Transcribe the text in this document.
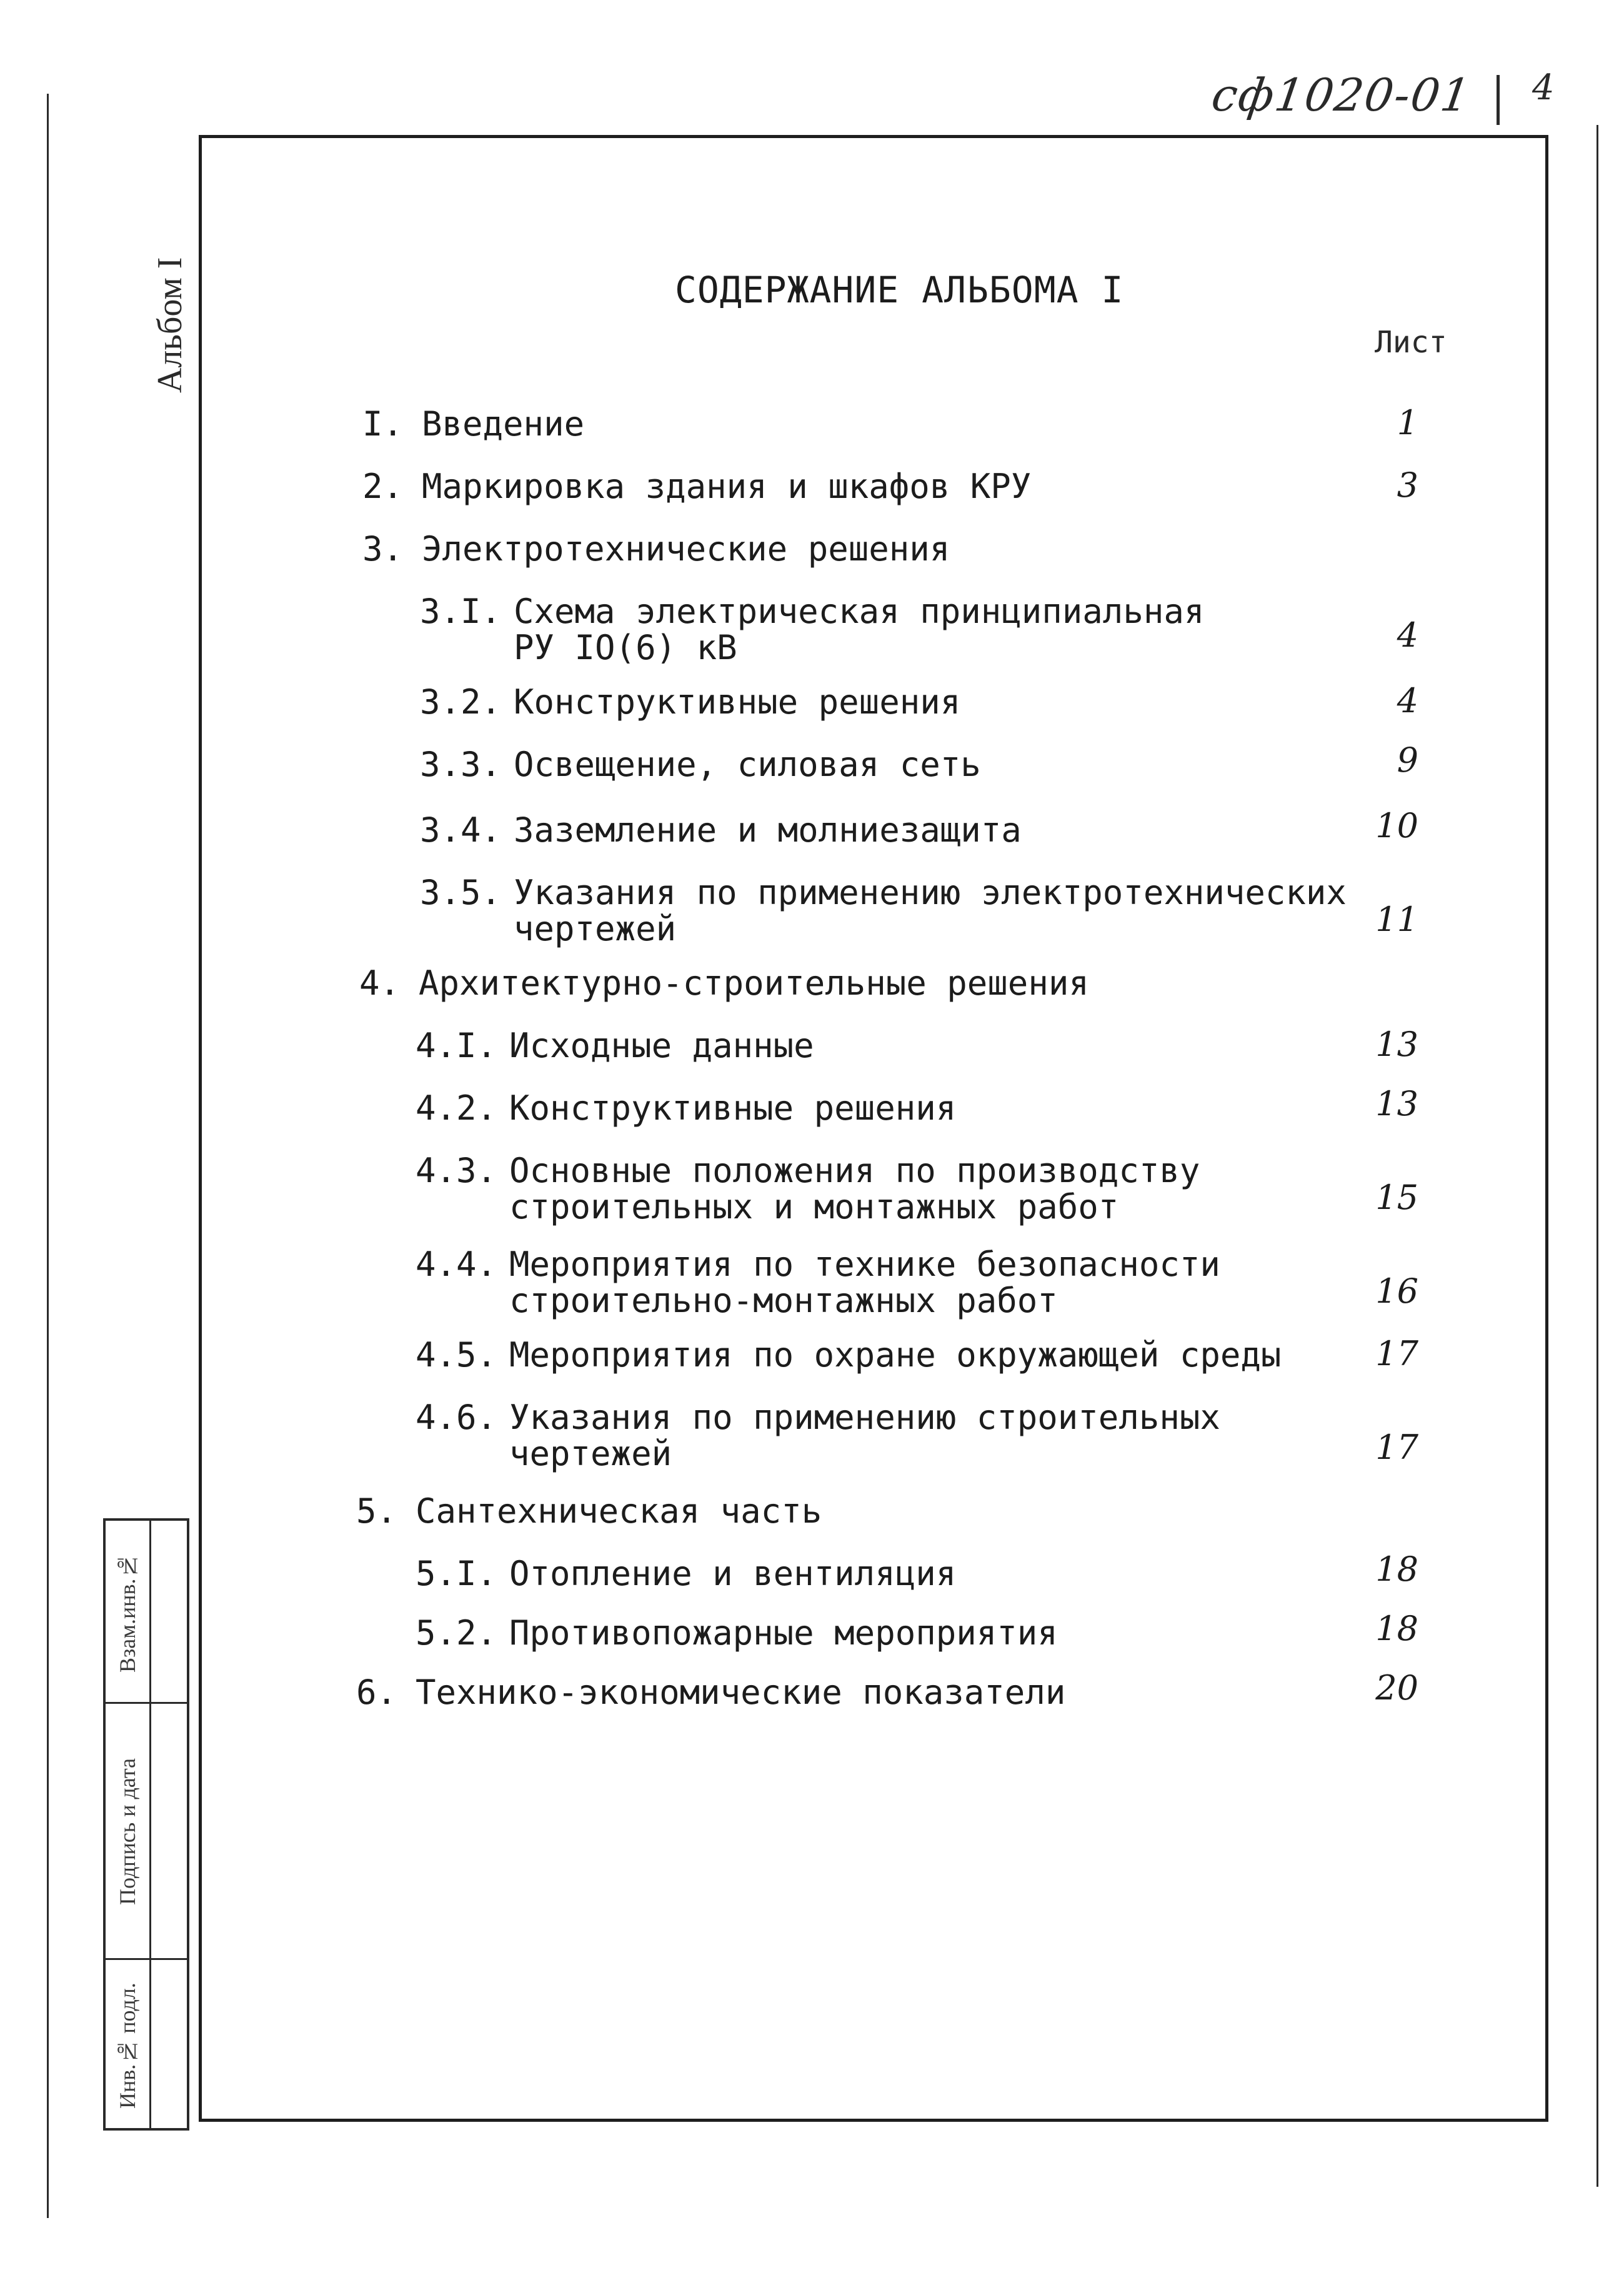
сф1020-01 4
Альбом I
Взам.инв.№
Подпись и дата
Инв.№ подл.
СОДЕРЖАНИЕ АЛЬБОМА I
Лист
I. Введение	1
2. Маркировка здания и шкафов КРУ	3
3. Электротехнические решения
3.I. Схема электрическая принципиальная
РУ IO(6) кВ	4
3.2. Конструктивные решения	4
3.3. Освещение, силовая сеть	9
3.4. Заземление и молниезащита	10
3.5. Указания по применению электротехнических
чертежей	11
4. Архитектурно-строительные решения
4.I. Исходные данные	13
4.2. Конструктивные решения	13
4.3. Основные положения по производству
строительных и монтажных работ	15
4.4. Мероприятия по технике безопасности
строительно-монтажных работ	16
4.5. Мероприятия по охране окружающей среды	17
4.6. Указания по применению строительных
чертежей	17
5. Сантехническая часть
5.I. Отопление и вентиляция	18
5.2. Противопожарные мероприятия	18
6. Технико-экономические показатели	20
